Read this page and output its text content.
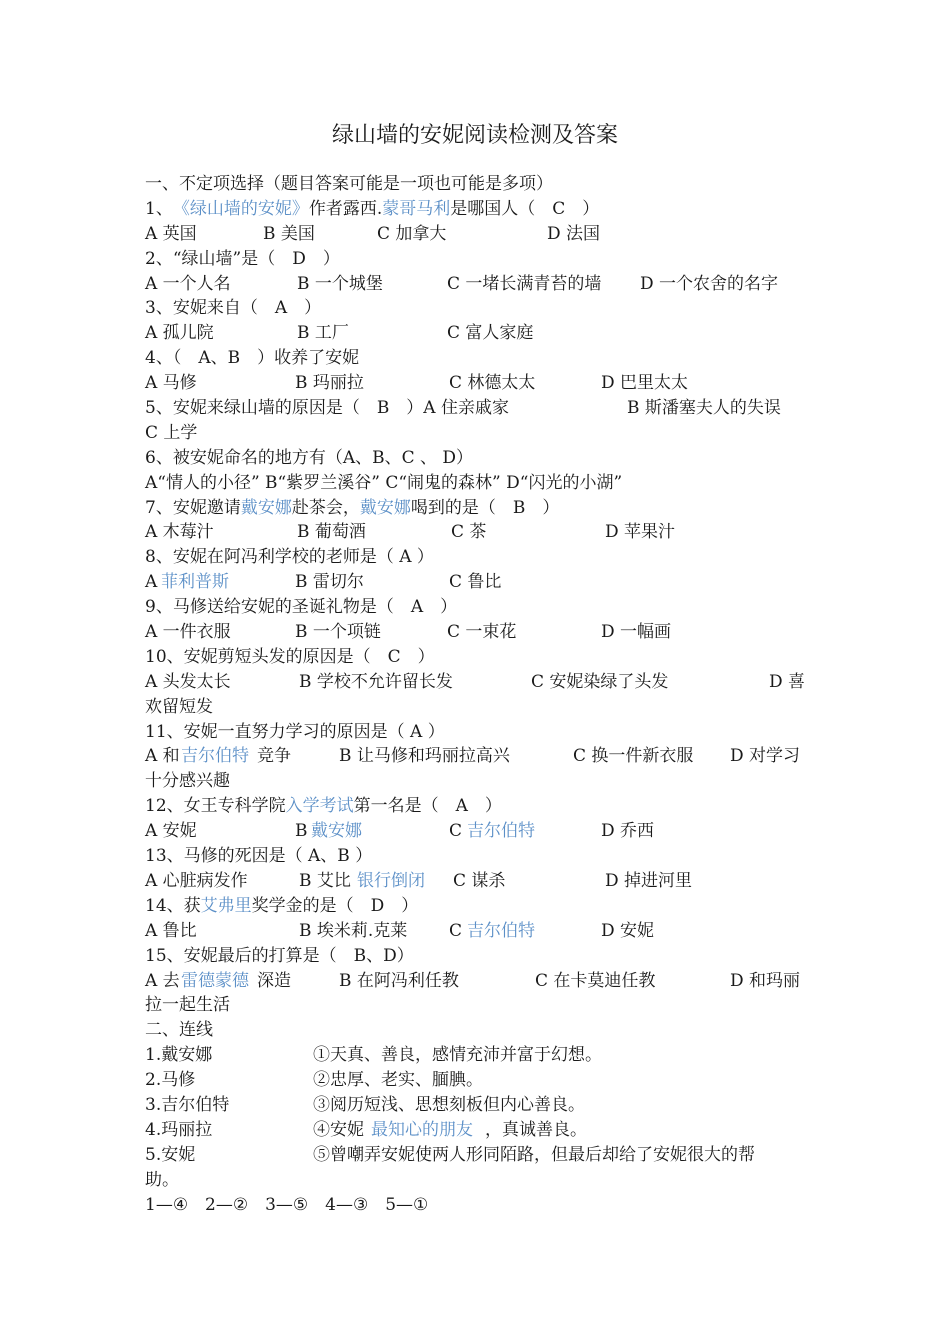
绿山墙的安妮阅读检测及答案
一、不定项选择（题目答案可能是一项也可能是多项）
1、 《绿山墙的安妮》 作者露西. 蒙哥马利 是哪国人（　C　）
A 英国	B 美国	C 加拿大	D 法国
2、“绿山墙”是（　D　）
A 一个人名	B 一个城堡	C 一堵长满青苔的墙 D 一个农舍的名字
3、安妮来自（　A　）
A 孤儿院	B 工厂	C 富人家庭
4、（　A、B　）收养了安妮
A 马修	B 玛丽拉	C 林德太太	D 巴里太太
5、安妮来绿山墙的原因是（　B　）A 住亲戚家	B 斯潘塞夫人的失误
C 上学
6、被安妮命名的地方有（A、B、C 、 D）
A“情人的小径” B“紫罗兰溪谷” C“闹鬼的森林” D“闪光的小湖”
7、安妮邀请 戴安娜 赴茶会， 戴安娜 喝到的是（　B　）
A 木莓汁	B 葡萄酒	C 茶	D 苹果汁
8、安妮在阿冯利学校的老师是（ A ）
A 菲利普斯	B 雷切尔	C 鲁比
9、马修送给安妮的圣诞礼物是（　A　）
A 一件衣服	B 一个项链	C 一束花	D 一幅画
10、安妮剪短头发的原因是（　C　）
A 头发太长	B 学校不允许留长发	C 安妮染绿了头发	D 喜
欢留短发
11、安妮一直努力学习的原因是（ A ）
A 和 吉尔伯特 竞争	B 让马修和玛丽拉高兴	C 换一件新衣服 D 对学习
十分感兴趣
12、女王专科学院 入学考试 第一名是（　A　）
A 安妮	B 戴安娜	C 吉尔伯特	D 乔西
13、马修的死因是（ A、B ）
A 心脏病发作	B 艾比 银行倒闭 C 谋杀	D 掉进河里
14、获 艾弗里 奖学金的是（　D　）
A 鲁比	B 埃米莉.克莱 C 吉尔伯特	D 安妮
15、安妮最后的打算是（　B、D）
A 去 雷德蒙德 深造	B 在阿冯利任教	C 在卡莫迪任教	D 和玛丽
拉一起生活
二、连线
1.戴安娜	①天真、善良，感情充沛并富于幻想。
2.马修	②忠厚、老实、腼腆。
3.吉尔伯特	③阅历短浅、思想刻板但内心善良。
4.玛丽拉	④安妮 最知心的朋友 ，真诚善良。
5.安妮	⑤曾嘲弄安妮使两人形同陌路，但最后却给了安妮很大的帮
助。
1—④　2—②　3—⑤　4—③　5—①
